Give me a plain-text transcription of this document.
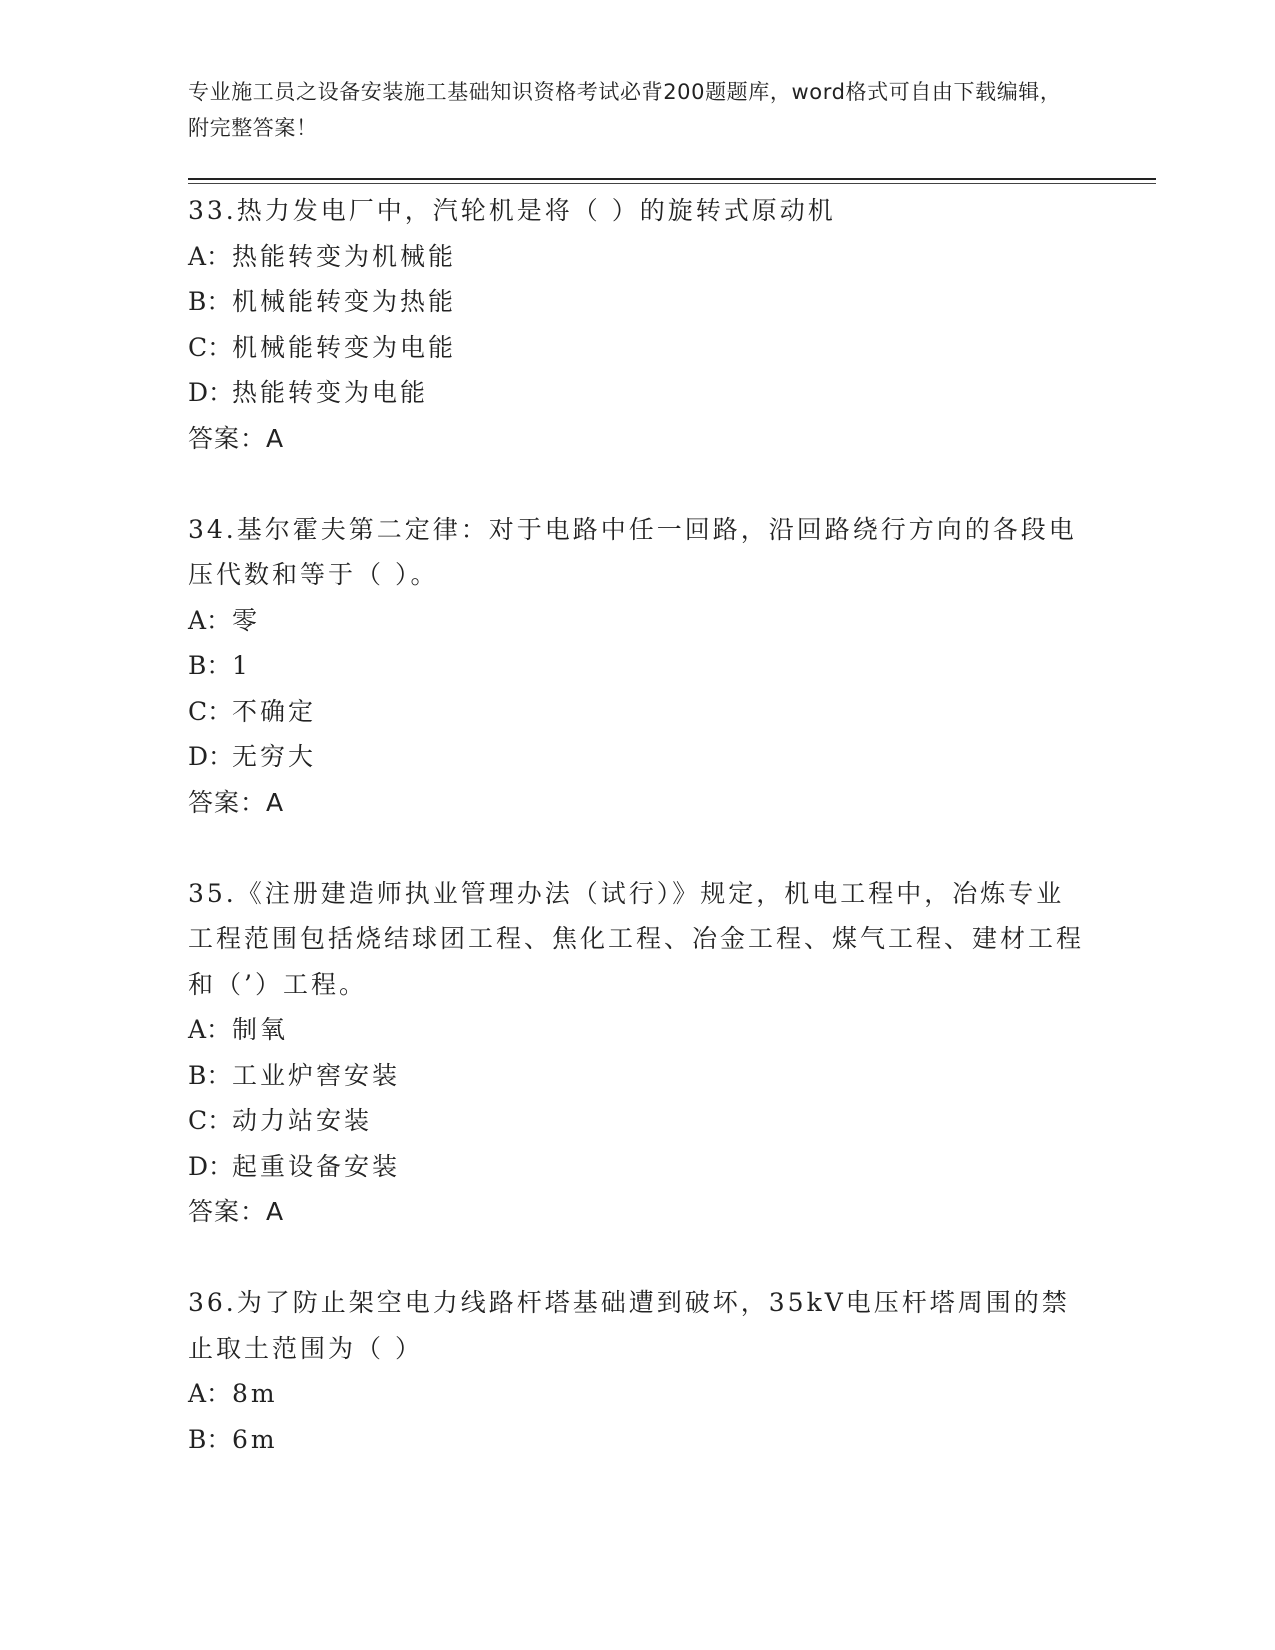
专业施工员之设备安装施工基础知识资格考试必背200题题库，word格式可自由下载编辑，附完整答案！
33.热力发电厂中，汽轮机是将（ ）的旋转式原动机
A：热能转变为机械能
B：机械能转变为热能
C：机械能转变为电能
D：热能转变为电能
答案：A
34.基尔霍夫第二定律：对于电路中任一回路，沿回路绕行方向的各段电压代数和等于（ ）。
A：零
B：1
C：不确定
D：无穷大
答案：A
35.《注册建造师执业管理办法（试行）》规定，机电工程中，冶炼专业工程范围包括烧结球团工程、焦化工程、冶金工程、煤气工程、建材工程和（’）工程。
A：制氧
B：工业炉窖安装
C：动力站安装
D：起重设备安装
答案：A
36.为了防止架空电力线路杆塔基础遭到破坏，35kV电压杆塔周围的禁止取土范围为（ ）
A：8m
B：6m
